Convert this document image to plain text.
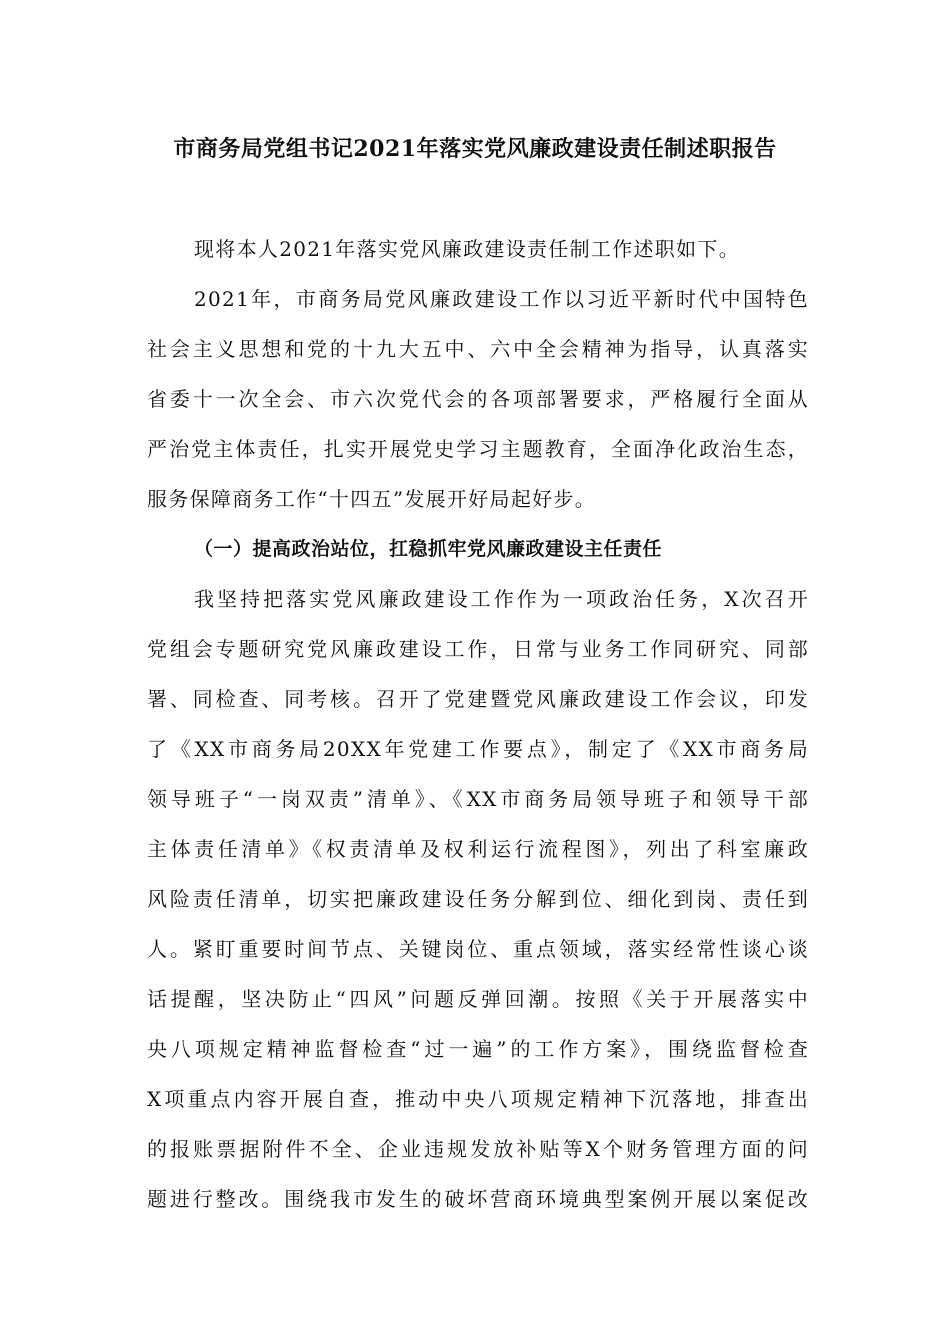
市商务局党组书记2021年落实党风廉政建设责任制述职报告
现将本人2021年落实党风廉政建设责任制工作述职如下。
2021年，市商务局党风廉政建设工作以习近平新时代中国特色
社会主义思想和党的十九大五中、六中全会精神为指导，认真落实
省委十一次全会、市六次党代会的各项部署要求，严格履行全面从
严治党主体责任，扎实开展党史学习主题教育，全面净化政治生态，
服务保障商务工作“十四五”发展开好局起好步。
（一）提高政治站位，扛稳抓牢党风廉政建设主任责任
我坚持把落实党风廉政建设工作作为一项政治任务，X次召开
党组会专题研究党风廉政建设工作，日常与业务工作同研究、同部
署、同检查、同考核。召开了党建暨党风廉政建设工作会议，印发
了《XX市商务局20XX年党建工作要点》，制定了《XX市商务局
领导班子“一岗双责”清单》、《XX市商务局领导班子和领导干部
主体责任清单》《权责清单及权利运行流程图》，列出了科室廉政
风险责任清单，切实把廉政建设任务分解到位、细化到岗、责任到
人。紧盯重要时间节点、关键岗位、重点领域，落实经常性谈心谈
话提醒，坚决防止“四风”问题反弹回潮。按照《关于开展落实中
央八项规定精神监督检查“过一遍”的工作方案》，围绕监督检查
X项重点内容开展自查，推动中央八项规定精神下沉落地，排查出
的报账票据附件不全、企业违规发放补贴等X个财务管理方面的问
题进行整改。围绕我市发生的破坏营商环境典型案例开展以案促改
